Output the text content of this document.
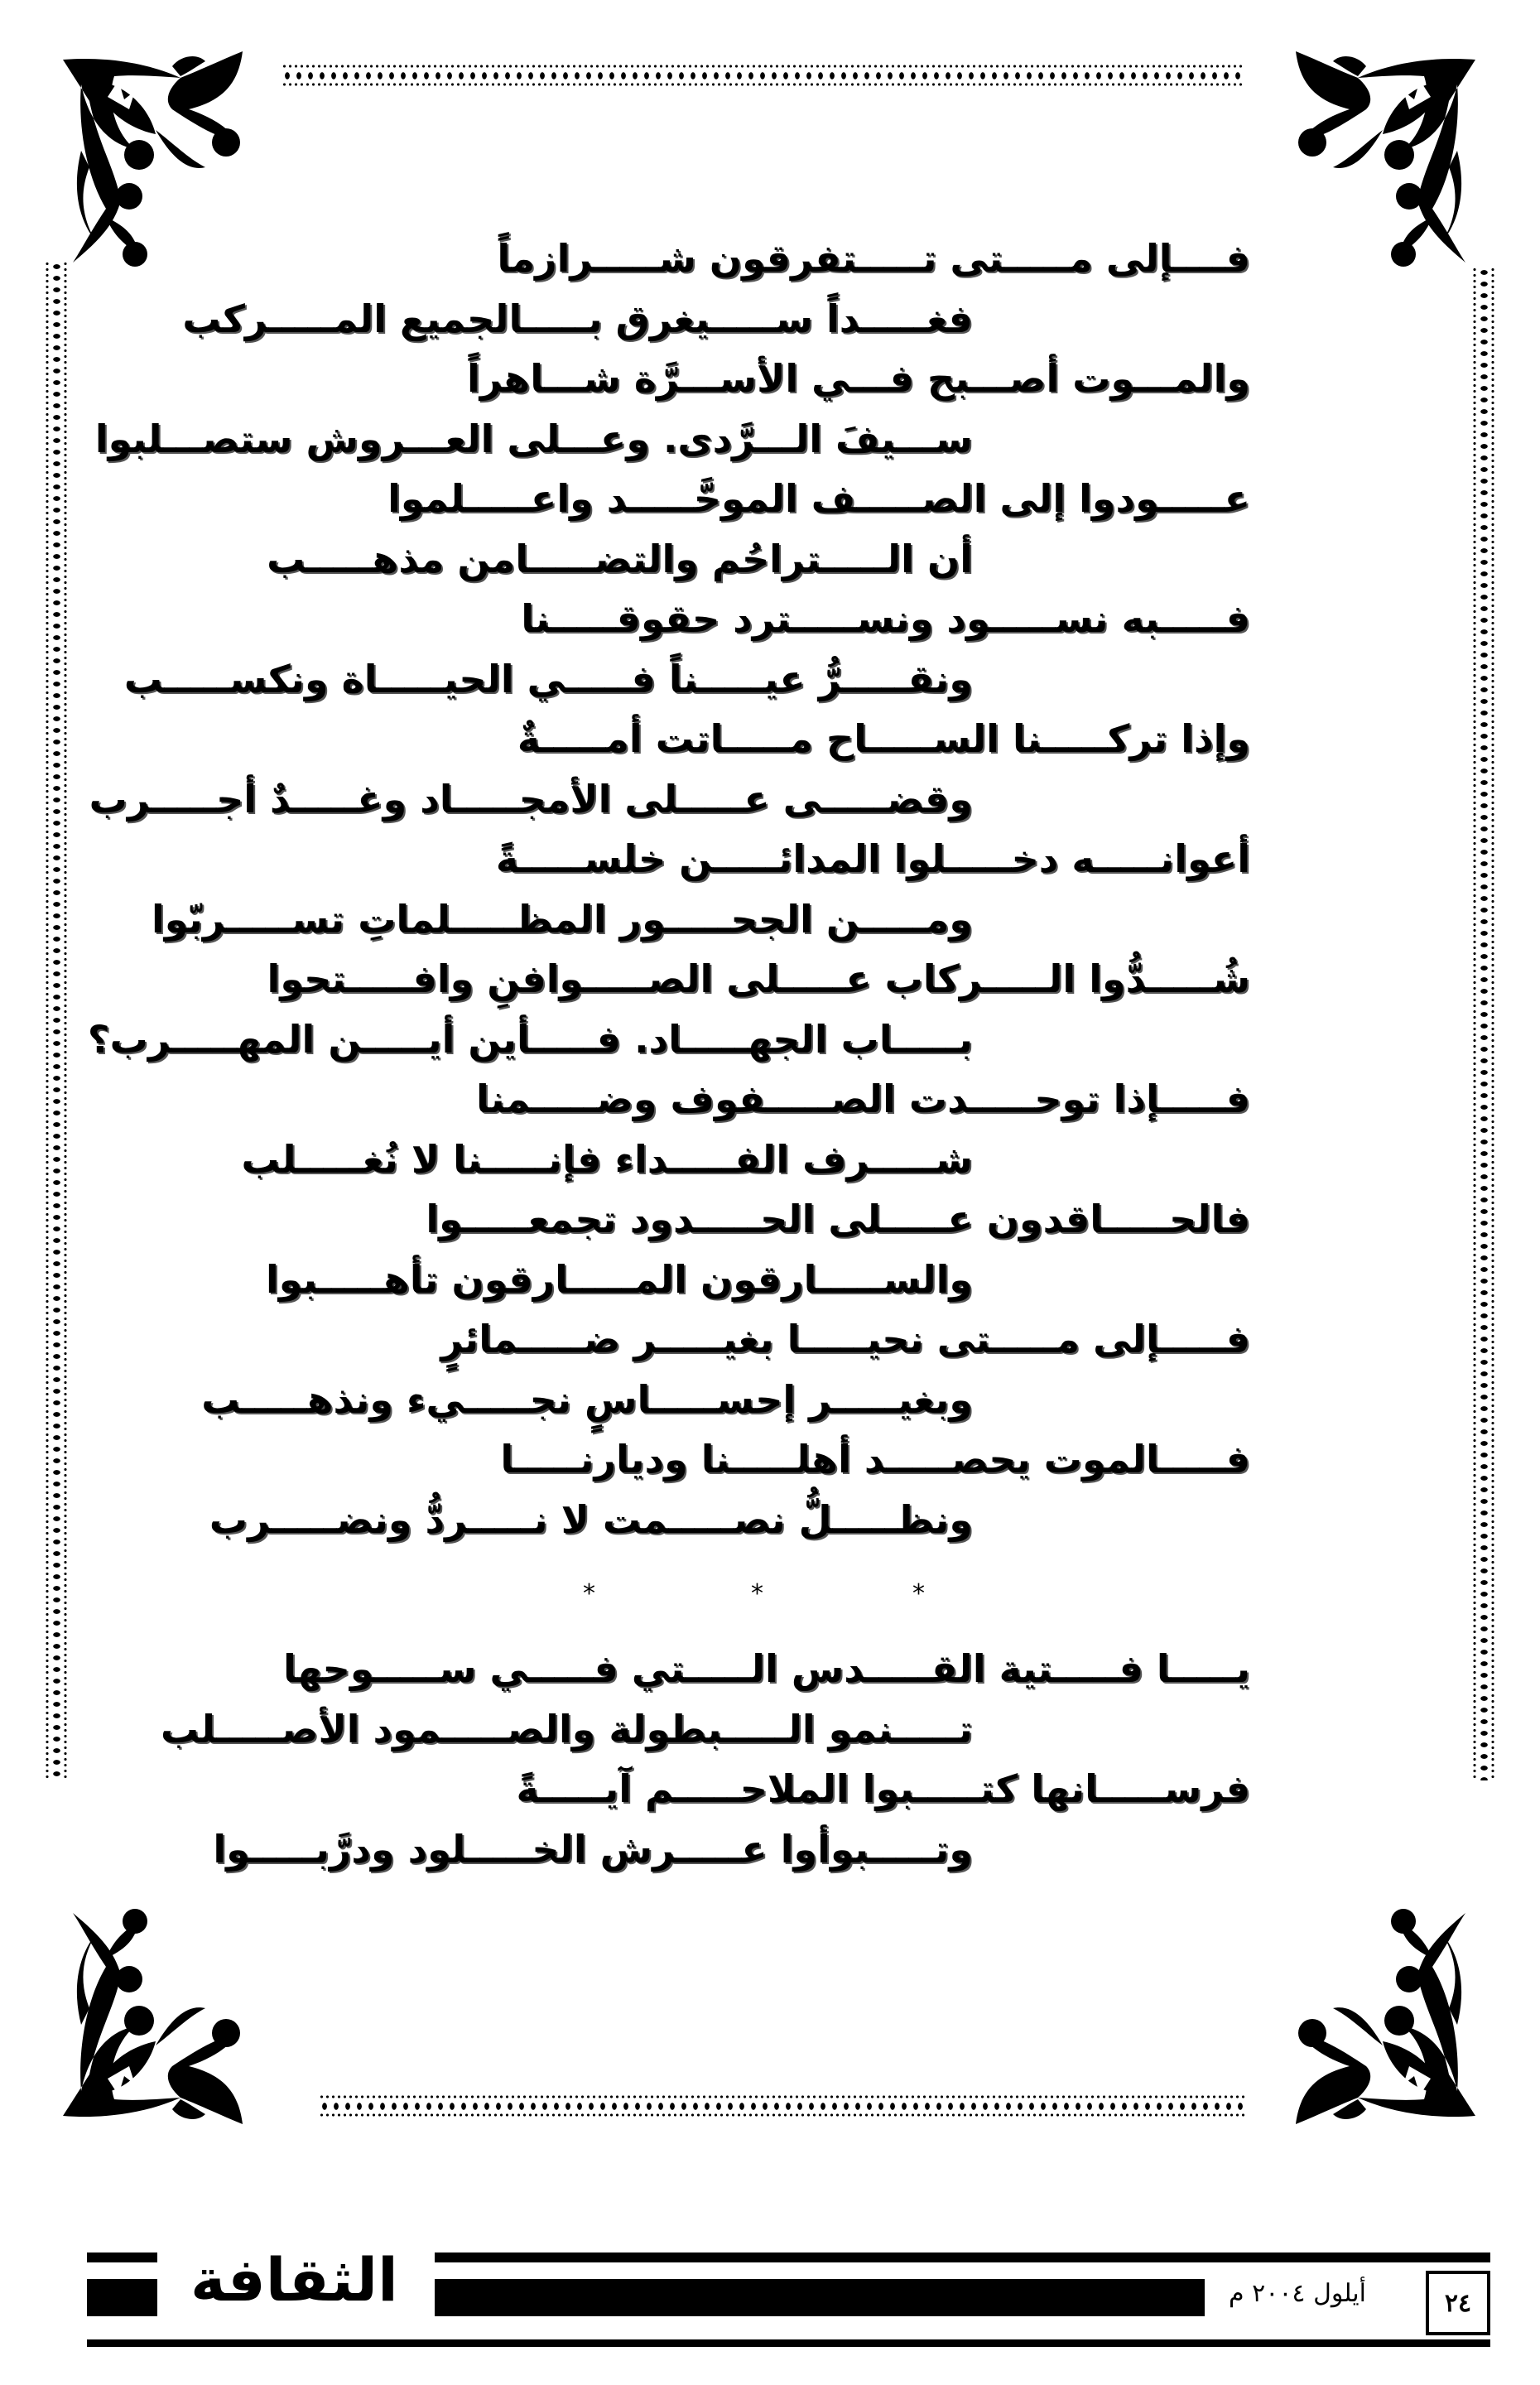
فــــإلى مـــــتى تـــــتفرقون شـــــرازماً
فغـــــداً ســـــيغرق بـــــالجميع المـــــركب
والمـــوت أصـــبح فـــي الأســـرَّة شـــاهراً
ســـيفَ الـــرَّدى. وعـــلى العـــروش ستصـــلبوا
عـــــودوا إلى الصـــــف الموحَّـــــد واعـــــلموا
أن الـــــتراحُم والتضـــــامن مذهـــــب
فـــــبه نســـــود ونســـــترد حقوقـــــنا
ونقـــــرُّ عيـــــناً فـــــي الحيـــــاة ونكســـــب
وإذا تركـــــنا الســـــاح مـــــاتت أمـــــةٌ
وقضـــــى عـــــلى الأمجـــــاد وغـــــدٌ أجـــــرب
أعوانـــــه دخـــــلوا المدائـــــن خلســـــةً
ومـــــن الجحـــــور المظـــــلماتِ تســـــربّوا
شُـــــدُّوا الـــــركاب عـــــلى الصـــــوافنِ وافـــــتحوا
بـــــاب الجهـــــاد. فـــــأين أيـــــن المهـــــرب؟
فـــــإذا توحـــــدت الصـــــفوف وضـــــمنا
شـــــرف الفـــــداء فإنـــــنا لا نُغـــــلب
فالحـــــاقدون عـــــلى الحـــــدود تجمعـــــوا
والســـــارقون المـــــارقون تأهـــــبوا
فـــــإلى مـــــتى نحيـــــا بغيـــــر ضـــــمائرٍ
وبغيـــــر إحســـــاسٍ نجـــــيء ونذهـــــب
فـــــالموت يحصـــــد أهلـــــنا وديارنـــــا
ونظـــــلُّ نصـــــمت لا نـــــردُّ ونضـــــرب
*
*
*
يـــــا فـــــتية القـــــدس الـــــتي فـــــي ســـــوحها
تـــــنمو الـــــبطولة والصـــــمود الأصـــــلب
فرســـــانها كتـــــبوا الملاحـــــم آيـــــةً
وتـــــبوأوا عـــــرش الخـــــلود ودرَّبـــــوا
الثقافة	أيلول ٢٠٠٤ م	٢٤
